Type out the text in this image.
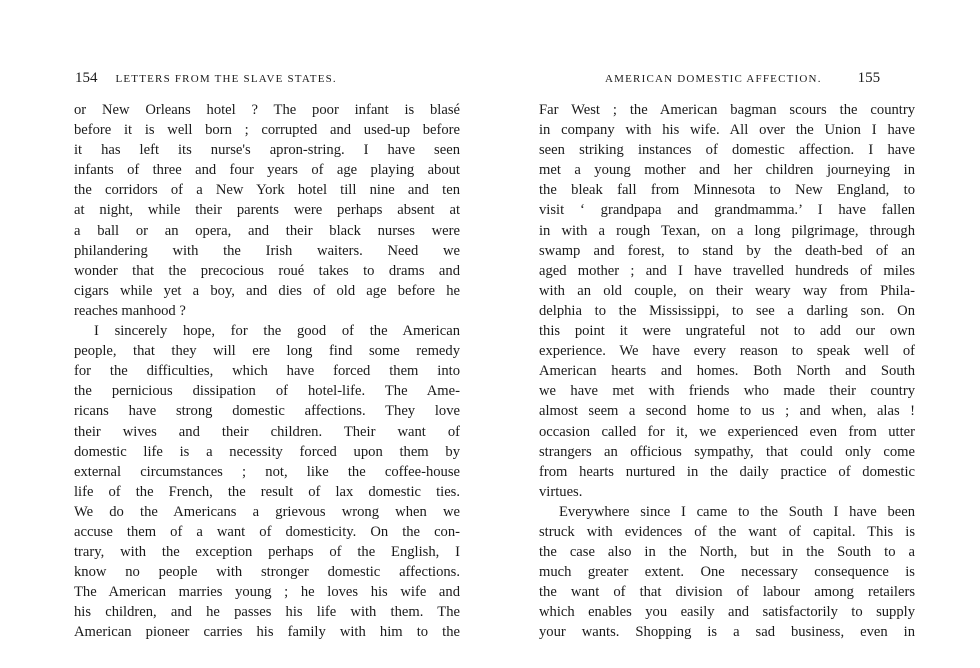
154 LETTERS FROM THE SLAVE STATES.
or New Orleans hotel ? The poor infant is blasé
before it is well born ; corrupted and used-up before
it has left its nurse's apron-string. I have seen
infants of three and four years of age playing about
the corridors of a New York hotel till nine and ten
at night, while their parents were perhaps absent at
a ball or an opera, and their black nurses were
philandering with the Irish waiters. Need we
wonder that the precocious roué takes to drams and
cigars while yet a boy, and dies of old age before he
reaches manhood ?
I sincerely hope, for the good of the American
people, that they will ere long find some remedy
for the difficulties, which have forced them into
the pernicious dissipation of hotel-life. The Ame-
ricans have strong domestic affections. They love
their wives and their children. Their want of
domestic life is a necessity forced upon them by
external circumstances ; not, like the coffee-house
life of the French, the result of lax domestic ties.
We do the Americans a grievous wrong when we
accuse them of a want of domesticity. On the con-
trary, with the exception perhaps of the English, I
know no people with stronger domestic affections.
The American marries young ; he loves his wife and
his children, and he passes his life with them. The
American pioneer carries his family with him to the
AMERICAN DOMESTIC AFFECTION. 155
Far West ; the American bagman scours the country
in company with his wife. All over the Union I have
seen striking instances of domestic affection. I have
met a young mother and her children journeying in
the bleak fall from Minnesota to New England, to
visit ‘ grandpapa and grandmamma.’ I have fallen
in with a rough Texan, on a long pilgrimage, through
swamp and forest, to stand by the death-bed of an
aged mother ; and I have travelled hundreds of miles
with an old couple, on their weary way from Phila-
delphia to the Mississippi, to see a darling son. On
this point it were ungrateful not to add our own
experience. We have every reason to speak well of
American hearts and homes. Both North and South
we have met with friends who made their country
almost seem a second home to us ; and when, alas !
occasion called for it, we experienced even from utter
strangers an officious sympathy, that could only come
from hearts nurtured in the daily practice of domestic
virtues.
Everywhere since I came to the South I have been
struck with evidences of the want of capital. This is
the case also in the North, but in the South to a
much greater extent. One necessary consequence is
the want of that division of labour among retailers
which enables you easily and satisfactorily to supply
your wants. Shopping is a sad business, even in
